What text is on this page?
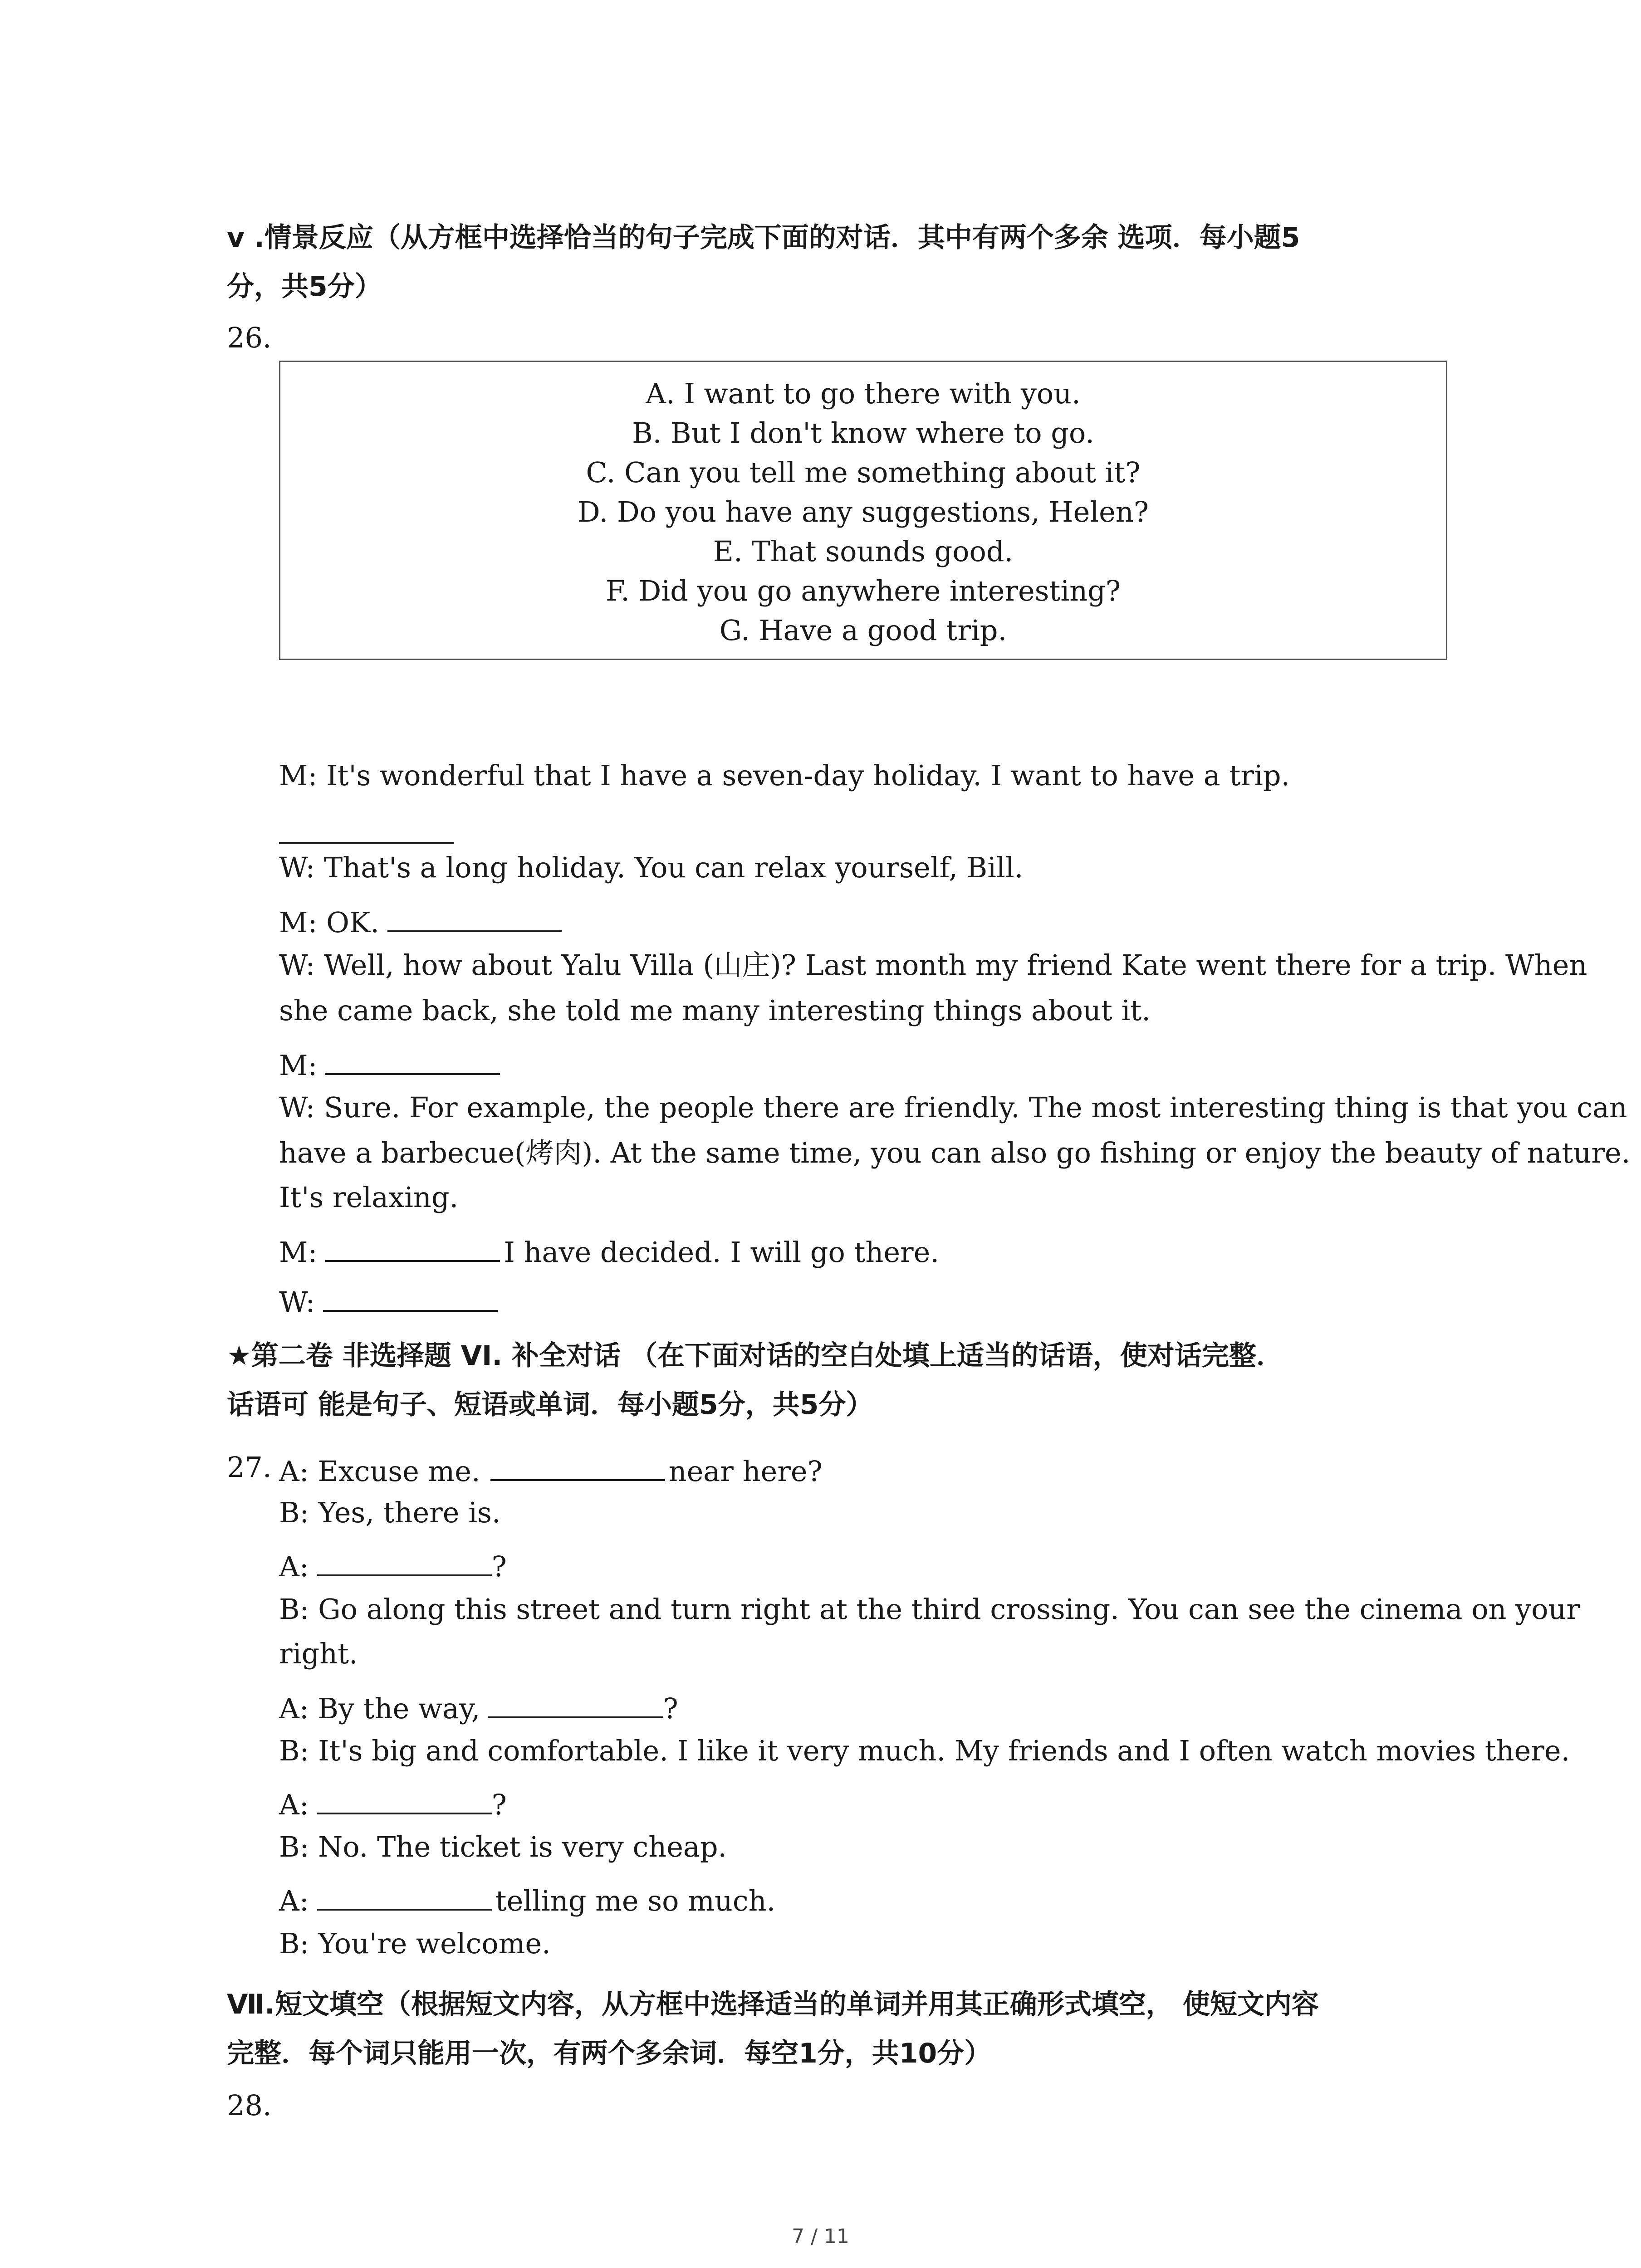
v .情景反应（从方框中选择恰当的句子完成下面的对话．其中有两个多余 选项．每小题5
分，共5分）
26.
A. I want to go there with you.
B. But I don't know where to go.
C. Can you tell me something about it?
D. Do you have any suggestions, Helen?
E. That sounds good.
F. Did you go anywhere interesting?
G. Have a good trip.
M: It's wonderful that I have a seven-day holiday. I want to have a trip.
W: That's a long holiday. You can relax yourself, Bill.
M: OK.
W: Well, how about Yalu Villa (山庄)? Last month my friend Kate went there for a trip. When
she came back, she told me many interesting things about it.
M:
W: Sure. For example, the people there are friendly. The most interesting thing is that you can
have a barbecue(烤肉). At the same time, you can also go fishing or enjoy the beauty of nature.
It's relaxing.
M:	I have decided. I will go there.
W:
★第二卷 非选择题 VI. 补全对话 （在下面对话的空白处填上适当的话语，使对话完整．
话语可 能是句子、短语或单词．每小题5分，共5分）
27. A: Excuse me.	near here?
B: Yes, there is.
A:	?
B: Go along this street and turn right at the third crossing. You can see the cinema on your
right.
A: By the way,	?
B: It's big and comfortable. I like it very much. My friends and I often watch movies there.
A:	?
B: No. The ticket is very cheap.
A:	telling me so much.
B: You're welcome.
Ⅶ.短文填空（根据短文内容，从方框中选择适当的单词并用其正确形式填空， 使短文内容
完整．每个词只能用一次，有两个多余词．每空1分，共10分）
28.
7 / 11
